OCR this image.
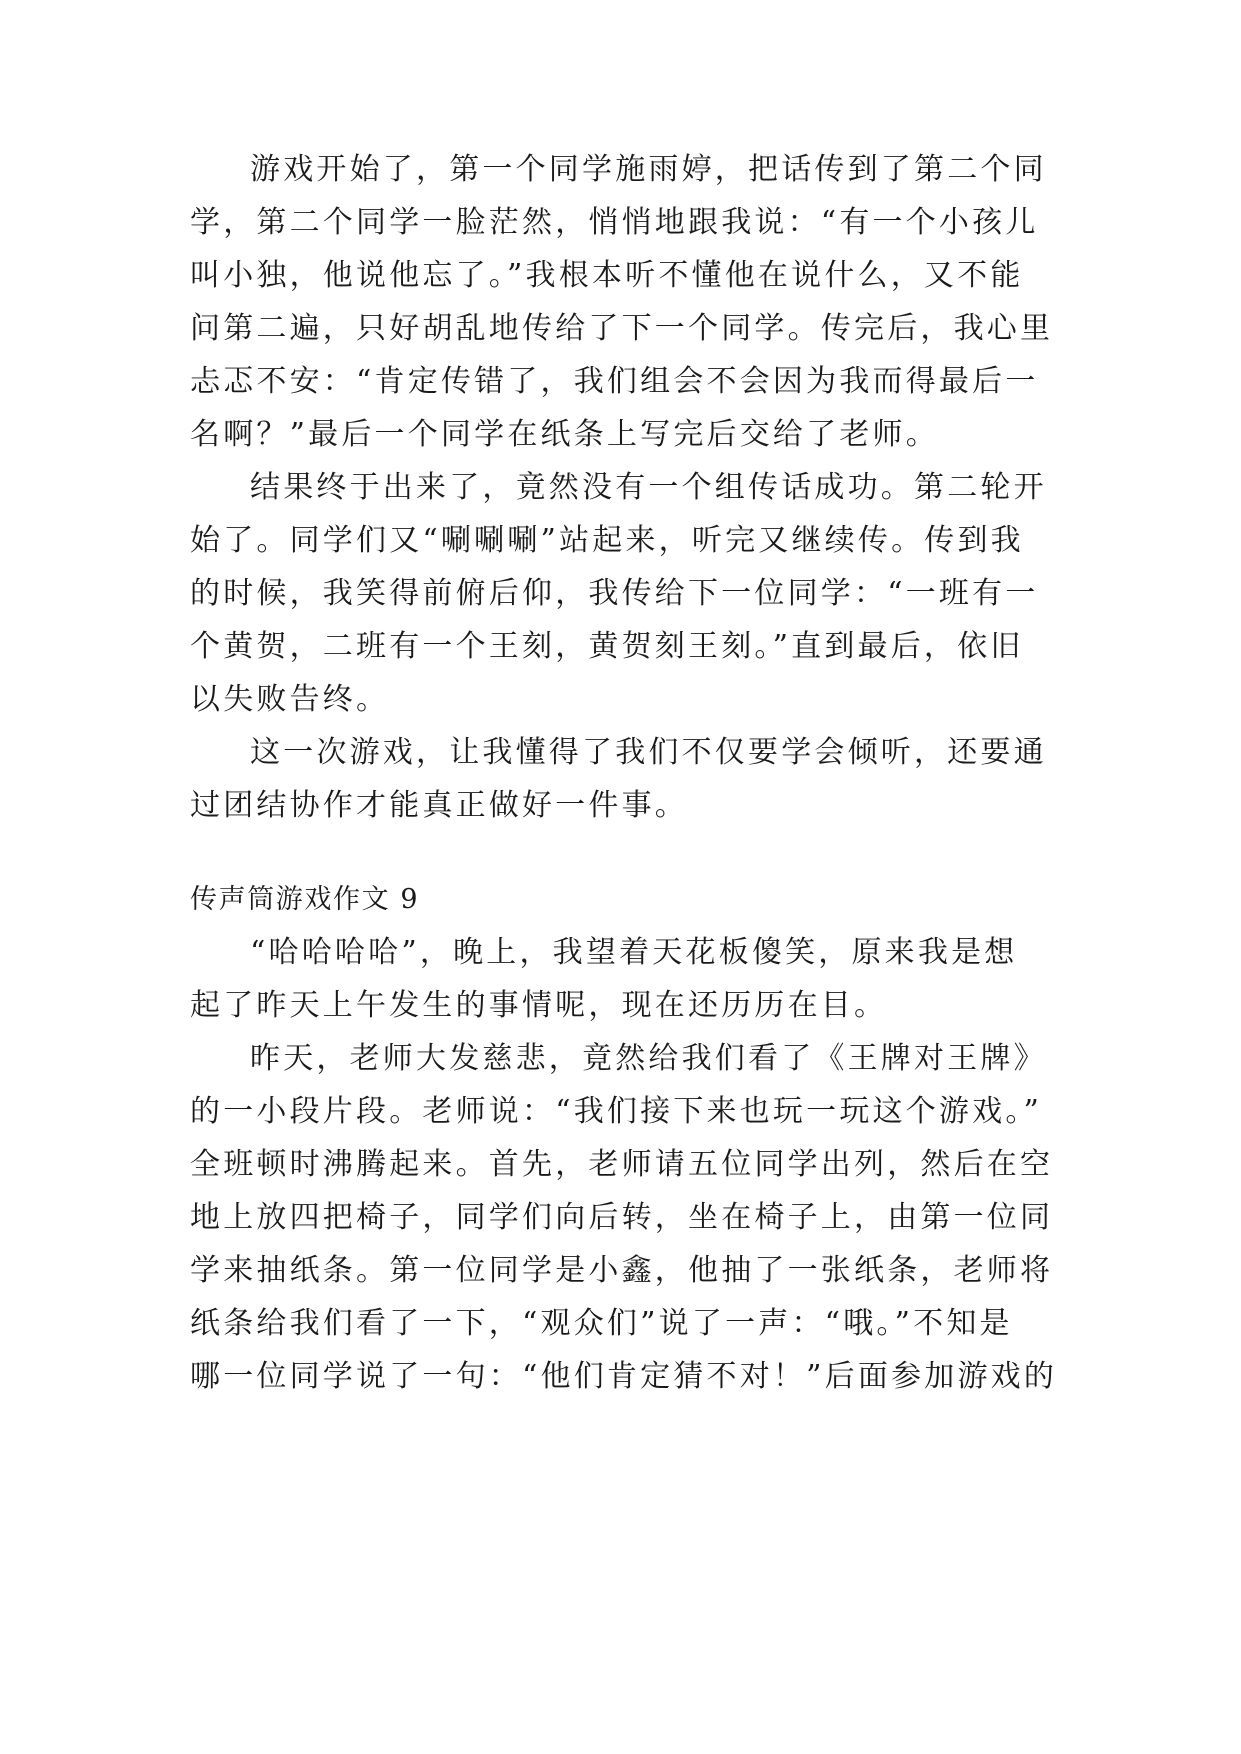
游戏开始了，第一个同学施雨婷，把话传到了第二个同
学，第二个同学一脸茫然，悄悄地跟我说：“有一个小孩儿
叫小独，他说他忘了。”我根本听不懂他在说什么，又不能
问第二遍，只好胡乱地传给了下一个同学。传完后，我心里
忐忑不安：“肯定传错了，我们组会不会因为我而得最后一
名啊？”最后一个同学在纸条上写完后交给了老师。
结果终于出来了，竟然没有一个组传话成功。第二轮开
始了。同学们又“唰唰唰”站起来，听完又继续传。传到我
的时候，我笑得前俯后仰，我传给下一位同学：“一班有一
个黄贺，二班有一个王刻，黄贺刻王刻。”直到最后，依旧
以失败告终。
这一次游戏，让我懂得了我们不仅要学会倾听，还要通
过团结协作才能真正做好一件事。
传声筒游戏作文 9
“哈哈哈哈”，晚上，我望着天花板傻笑，原来我是想
起了昨天上午发生的事情呢，现在还历历在目。
昨天，老师大发慈悲，竟然给我们看了《王牌对王牌》
的一小段片段。老师说：“我们接下来也玩一玩这个游戏。”
全班顿时沸腾起来。首先，老师请五位同学出列，然后在空
地上放四把椅子，同学们向后转，坐在椅子上，由第一位同
学来抽纸条。第一位同学是小鑫，他抽了一张纸条，老师将
纸条给我们看了一下，“观众们”说了一声：“哦。”不知是
哪一位同学说了一句：“他们肯定猜不对！”后面参加游戏的
